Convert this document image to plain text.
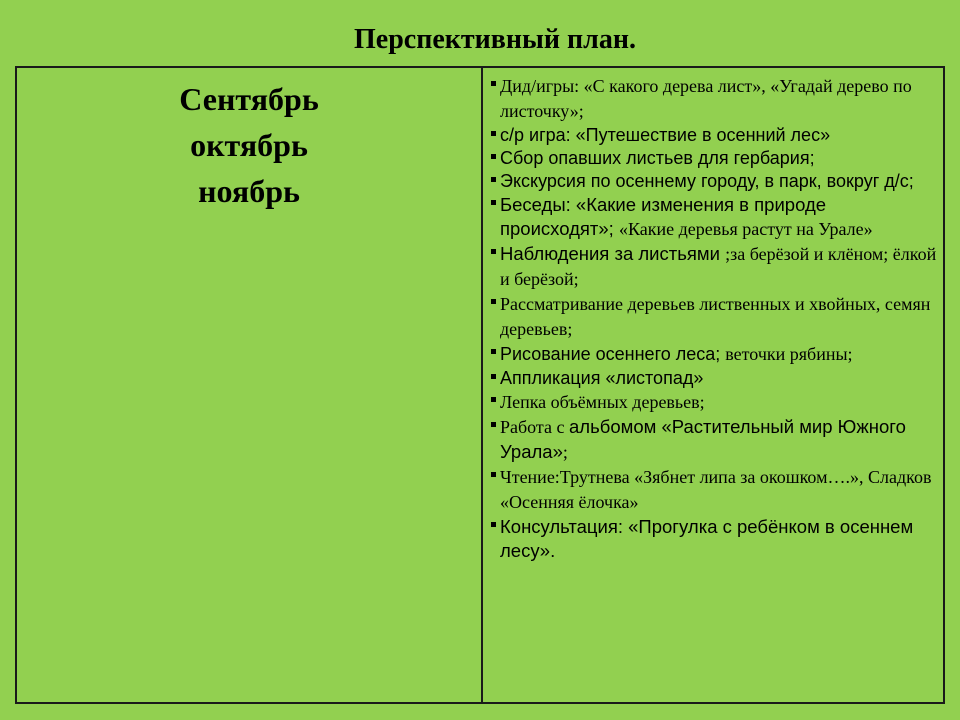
Перспективный план.
Сентябрь
октябрь
ноябрь
Дид/игры: «С какого дерева лист», «Угадай дерево по листочку»;
с/р игра: «Путешествие в осенний лес»
Сбор опавших листьев для гербария;
Экскурсия по осеннему городу, в парк, вокруг д/с;
Беседы: «Какие изменения в природе происходят»; «Какие деревья растут на Урале»
Наблюдения за листьями ;за берёзой и клёном; ёлкой и берёзой;
Рассматривание деревьев лиственных и хвойных, семян деревьев;
Рисование осеннего леса; веточки рябины;
Аппликация «листопад»
Лепка объёмных деревьев;
Работа с альбомом «Растительный мир Южного Урала»;
Чтение:Трутнева «Зябнет липа за окошком….», Сладков «Осенняя ёлочка»
Консультация: «Прогулка с ребёнком в осеннем лесу».
